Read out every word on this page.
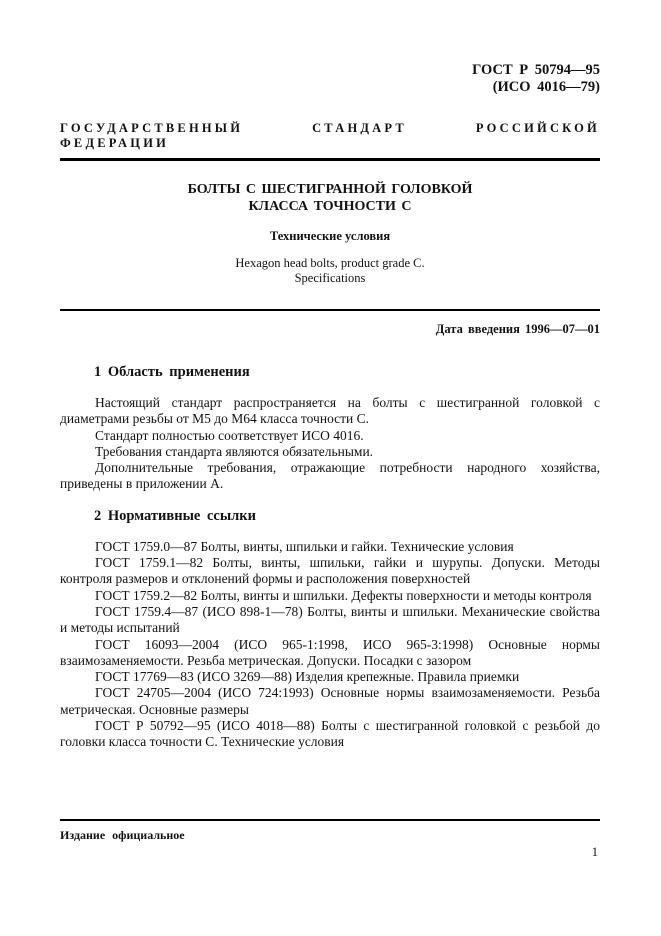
ГОСТ Р 50794—95
(ИСО 4016—79)
ГОСУДАРСТВЕННЫЙ СТАНДАРТ РОССИЙСКОЙ ФЕДЕРАЦИИ
БОЛТЫ С ШЕСТИГРАННОЙ ГОЛОВКОЙ
КЛАССА ТОЧНОСТИ С
Технические условия
Hexagon head bolts, product grade C.
Specifications
Дата введения 1996—07—01
1 Область применения

Настоящий стандарт распространяется на болты с шестигранной головкой с диаметрами резьбы от М5 до М64 класса точности С.

Стандарт полностью соответствует ИСО 4016.

Требования стандарта являются обязательными.

Дополнительные требования, отражающие потребности народного хозяйства, приведены в приложении А.

2 Нормативные ссылки

ГОСТ 1759.0—87 Болты, винты, шпильки и гайки. Технические условия

ГОСТ 1759.1—82 Болты, винты, шпильки, гайки и шурупы. Допуски. Методы контроля размеров и отклонений формы и расположения поверхностей

ГОСТ 1759.2—82 Болты, винты и шпильки. Дефекты поверхности и методы контроля

ГОСТ 1759.4—87 (ИСО 898-1—78) Болты, винты и шпильки. Механические свойства и методы испытаний

ГОСТ 16093—2004 (ИСО 965-1:1998, ИСО 965-3:1998) Основные нормы взаимозаменяемости. Резьба метрическая. Допуски. Посадки с зазором

ГОСТ 17769—83 (ИСО 3269—88) Изделия крепежные. Правила приемки

ГОСТ 24705—2004 (ИСО 724:1993) Основные нормы взаимозаменяемости. Резьба метрическая. Основные размеры

ГОСТ Р 50792—95 (ИСО 4018—88) Болты с шестигранной головкой с резьбой до головки класса точности С. Технические условия

Издание официальное
1
